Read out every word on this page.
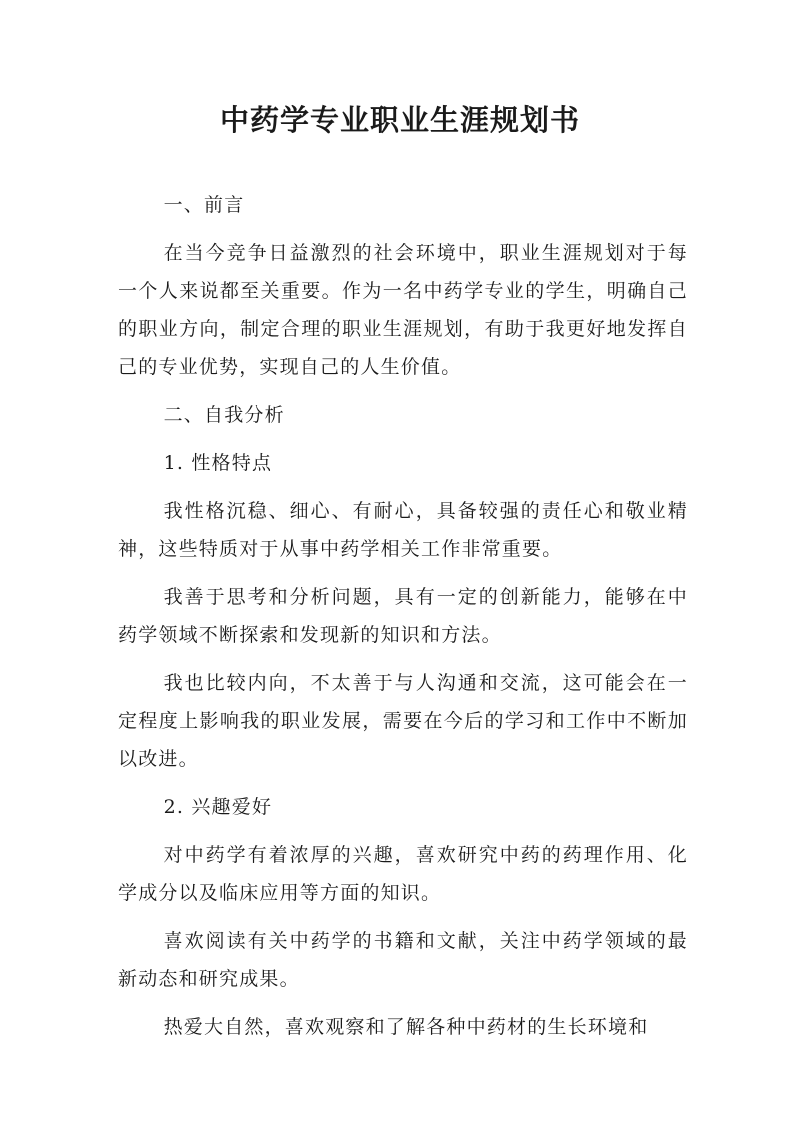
中药学专业职业生涯规划书

一、前言

在当今竞争日益激烈的社会环境中，职业生涯规划对于每一个人来说都至关重要。作为一名中药学专业的学生，明确自己的职业方向，制定合理的职业生涯规划，有助于我更好地发挥自己的专业优势，实现自己的人生价值。

二、自我分析

1. 性格特点

我性格沉稳、细心、有耐心，具备较强的责任心和敬业精神，这些特质对于从事中药学相关工作非常重要。

我善于思考和分析问题，具有一定的创新能力，能够在中药学领域不断探索和发现新的知识和方法。

我也比较内向，不太善于与人沟通和交流，这可能会在一定程度上影响我的职业发展，需要在今后的学习和工作中不断加以改进。

2. 兴趣爱好

对中药学有着浓厚的兴趣，喜欢研究中药的药理作用、化学成分以及临床应用等方面的知识。

喜欢阅读有关中药学的书籍和文献，关注中药学领域的最新动态和研究成果。

热爱大自然，喜欢观察和了解各种中药材的生长环境和
